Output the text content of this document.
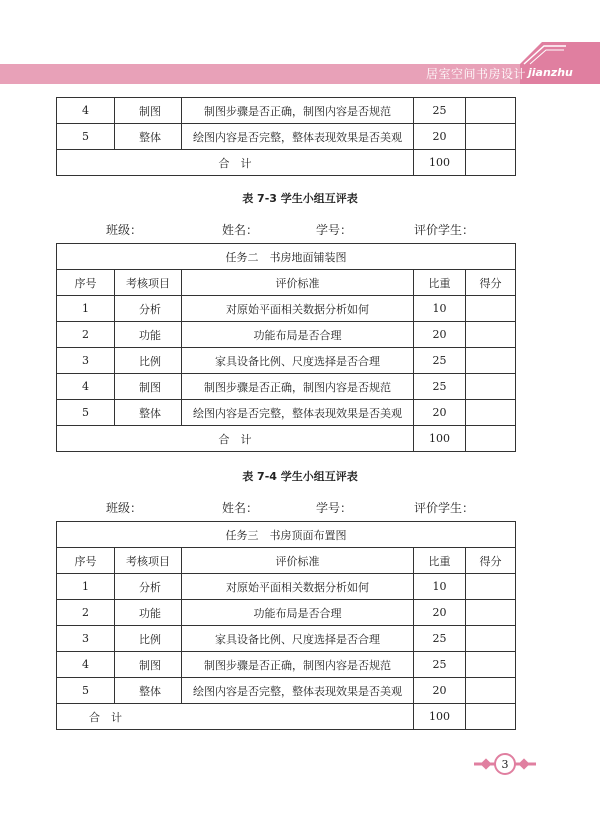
居室空间书房设计 jianzhu
4	制图	制图步骤是否正确，制图内容是否规范	25	
5	整体	绘图内容是否完整，整体表现效果是否美观	20	
合　计			100	
表 7-3 学生小组互评表
班级：	姓名：	学号：	评价学生：
任务二　书房地面铺装图				
序号	考核项目	评价标准	比重	得分
1	分析	对原始平面相关数据分析如何	10	
2	功能	功能布局是否合理	20	
3	比例	家具设备比例、尺度选择是否合理	25	
4	制图	制图步骤是否正确，制图内容是否规范	25	
5	整体	绘图内容是否完整，整体表现效果是否美观	20	
合　计			100	
表 7-4 学生小组互评表
班级：	姓名：	学号：	评价学生：
任务三　书房顶面布置图				
序号	考核项目	评价标准	比重	得分
1	分析	对原始平面相关数据分析如何	10	
2	功能	功能布局是否合理	20	
3	比例	家具设备比例、尺度选择是否合理	25	
4	制图	制图步骤是否正确，制图内容是否规范	25	
5	整体	绘图内容是否完整，整体表现效果是否美观	20	
合　计			100	
3
